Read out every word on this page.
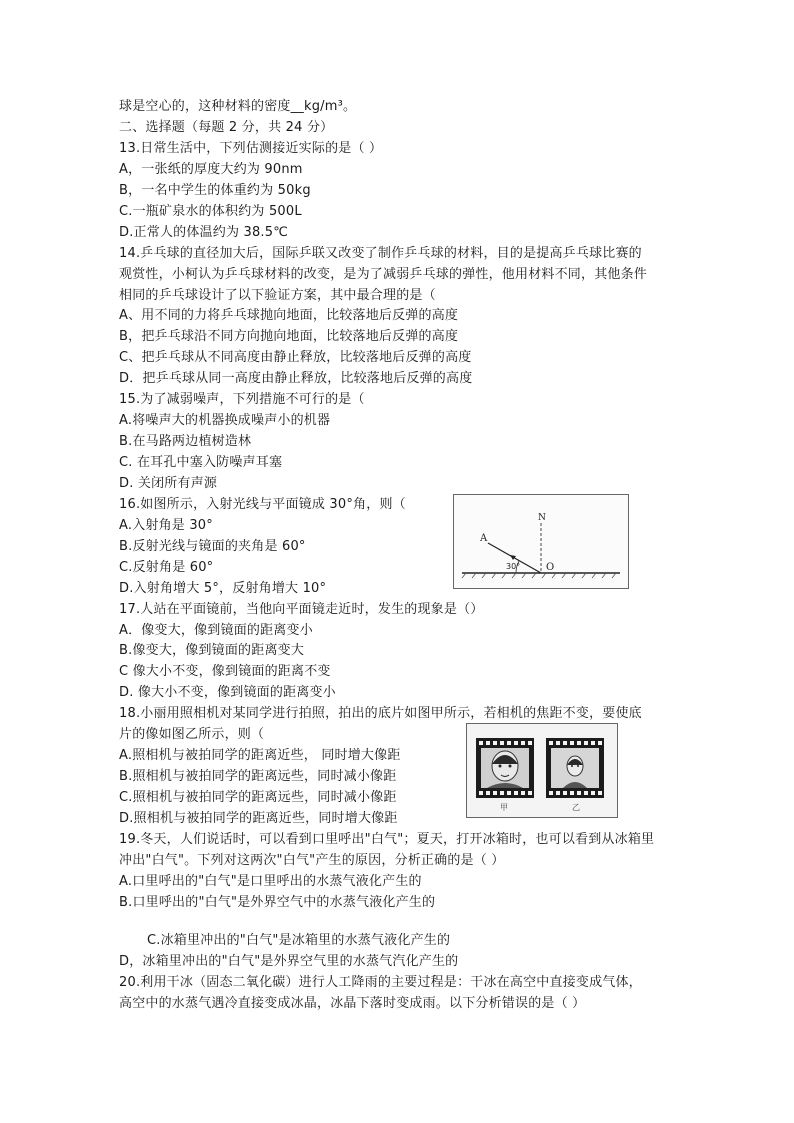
球是空心的，这种材料的密度__kg/m³。
二、选择题（每题 2 分，共 24 分）
13.日常生活中，下列估测接近实际的是（ ）
A，一张纸的厚度大约为 90nm
B，一名中学生的体重约为 50kg
C.一瓶矿泉水的体积约为 500L
D.正常人的体温约为 38.5℃
14.乒乓球的直径加大后，国际乒联又改变了制作乒乓球的材料，目的是提高乒乓球比赛的
观赏性，小柯认为乒乓球材料的改变，是为了减弱乒乓球的弹性，他用材料不同，其他条件
相同的乒乓球设计了以下验证方案，其中最合理的是（
A、用不同的力将乒乓球抛向地面，比较落地后反弹的高度
B，把乒乓球沿不同方向抛向地面，比较落地后反弹的高度
C、把乒乓球从不同高度由静止释放，比较落地后反弹的高度
D．把乒乓球从同一高度由静止释放，比较落地后反弹的高度
15.为了减弱噪声，下列措施不可行的是（
A.将噪声大的机器换成噪声小的机器
B.在马路两边植树造林
C. 在耳孔中塞入防噪声耳塞
D. 关闭所有声源
16.如图所示，入射光线与平面镜成 30°角，则（
A.入射角是 30°
B.反射光线与镜面的夹角是 60°
C.反射角是 60°
D.入射角增大 5°，反射角增大 10°
17.人站在平面镜前，当他向平面镜走近时，发生的现象是（）
A．像变大，像到镜面的距离变小
B.像变大，像到镜面的距离变大
C 像大小不变，像到镜面的距离不变
D. 像大小不变，像到镜面的距离变小
18.小丽用照相机对某同学进行拍照，拍出的底片如图甲所示，若相机的焦距不变，要使底
片的像如图乙所示，则（
A.照相机与被拍同学的距离近些， 同时增大像距
B.照相机与被拍同学的距离远些，同时减小像距
C.照相机与被拍同学的距离远些，同时减小像距
D.照相机与被拍同学的距离近些，同时增大像距
19.冬天，人们说话时，可以看到口里呼出"白气"；夏天，打开冰箱时，也可以看到从冰箱里
冲出"白气"。下列对这两次"白气"产生的原因，分析正确的是（ ）
A.口里呼出的"白气"是口里呼出的水蒸气液化产生的
B.口里呼出的"白气"是外界空气中的水蒸气液化产生的
C.冰箱里冲出的"白气"是冰箱里的水蒸气液化产生的
D，冰箱里冲出的"白气"是外界空气里的水蒸气汽化产生的
20.利用干冰（固态二氧化碳）进行人工降雨的主要过程是：干冰在高空中直接变成气体，
高空中的水蒸气遇冷直接变成冰晶，冰晶下落时变成雨。以下分析错误的是（ ）
A
N
O
30°
甲	乙
